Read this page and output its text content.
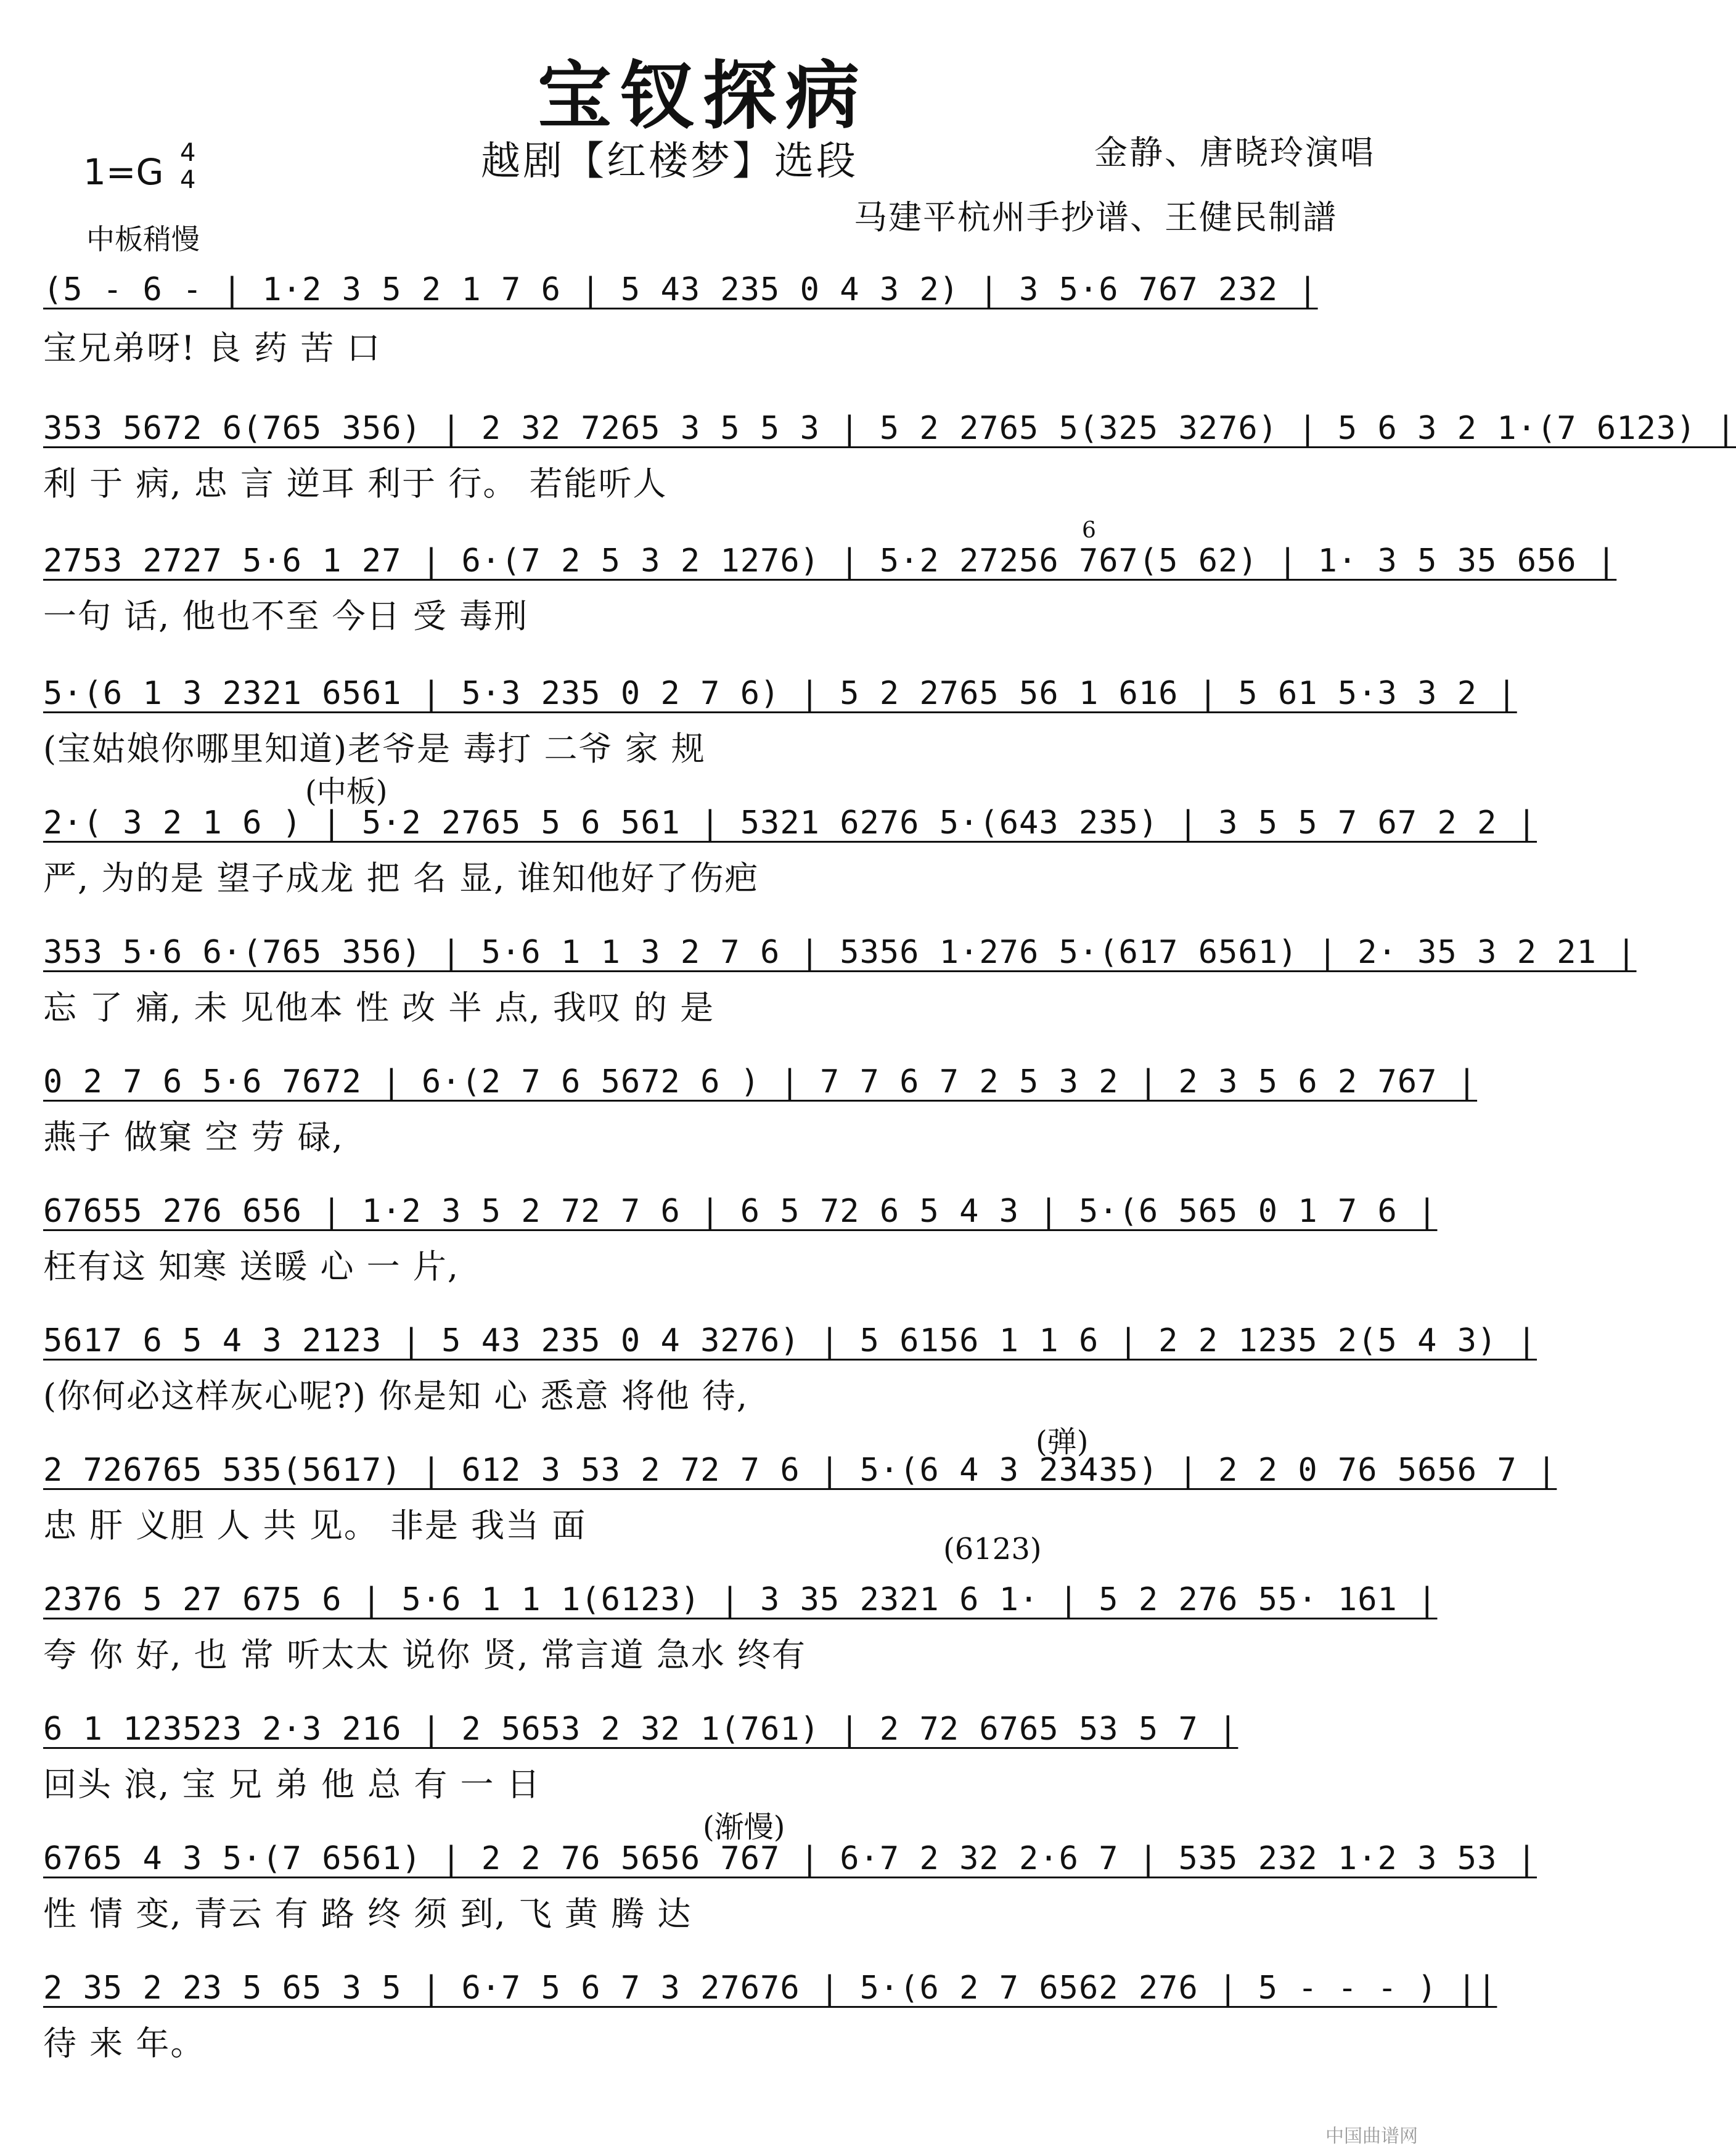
宝钗探病
越剧【红楼梦】选段
1=G 4
4
中板稍慢
金静、唐晓玲演唱
马建平杭州手抄谱、王健民制譜
(5 - 6 - | 1·2 3 5 2 1 7 6 | 5 43 235 0 4 3 2) | 3 5·6 767 232 |
宝兄弟呀! 良 药 苦 口
353 5672 6(765 356) | 2 32 7265 3 5 5 3 | 5 2 2765 5(325 3276) | 5 6 3 2 1·(7 6123) |
利 于 病, 忠 言 逆耳 利于 行。 若能听人
2753 2727 5·6 1 27 | 6·(7 2 5 3 2 1276) | 5·2 27256 767(5 62) | 1· 3 5 35 656 |
一句 话, 他也不至 今日 受 毒刑
5·(6 1 3 2321 6561 | 5·3 235 0 2 7 6) | 5 2 2765 56 1 616 | 5 61 5·3 3 2 |
(宝姑娘你哪里知道)老爷是 毒打 二爷 家 规
2·( 3 2 1 6 ) | 5·2 2765 5 6 561 | 5321 6276 5·(643 235) | 3 5 5 7 67 2 2 |
严, 为的是 望子成龙 把 名 显, 谁知他好了伤疤
353 5·6 6·(765 356) | 5·6 1 1 3 2 7 6 | 5356 1·276 5·(617 6561) | 2· 35 3 2 21 |
忘 了 痛, 未 见他本 性 改 半 点, 我叹 的 是
0 2 7 6 5·6 7672 | 6·(2 7 6 5672 6 ) | 7 7 6 7 2 5 3 2 | 2 3 5 6 2 767 |
燕子 做窠 空 劳 碌,
67655 276 656 | 1·2 3 5 2 72 7 6 | 6 5 72 6 5 4 3 | 5·(6 565 0 1 7 6 |
枉有这 知寒 送暖 心 一 片,
5617 6 5 4 3 2123 | 5 43 235 0 4 3276) | 5 6156 1 1 6 | 2 2 1235 2(5 4 3) |
(你何必这样灰心呢?) 你是知 心 悉意 将他 待,
2 726765 535(5617) | 612 3 53 2 72 7 6 | 5·(6 4 3 23435) | 2 2 0 76 5656 7 |
忠 肝 义胆 人 共 见。 非是 我当 面
2376 5 27 675 6 | 5·6 1 1 1(6123) | 3 35 2321 6 1· | 5 2 276 55· 161 |
夸 你 好, 也 常 听太太 说你 贤, 常言道 急水 终有
6 1 123523 2·3 216 | 2 5653 2 32 1(761) | 2 72 6765 53 5 7 |
回头 浪, 宝 兄 弟 他 总 有 一 日
6765 4 3 5·(7 6561) | 2 2 76 5656 767 | 6·7 2 32 2·6 7 | 535 232 1·2 3 53 |
性 情 变, 青云 有 路 终 须 到, 飞 黄 腾 达
2 35 2 23 5 65 3 5 | 6·7 5 6 7 3 27676 | 5·(6 2 7 6562 276 | 5 - - - ) ||
待 来 年。
(中板)
(弹)
(渐慢)
(6123)
6
中国曲谱网
